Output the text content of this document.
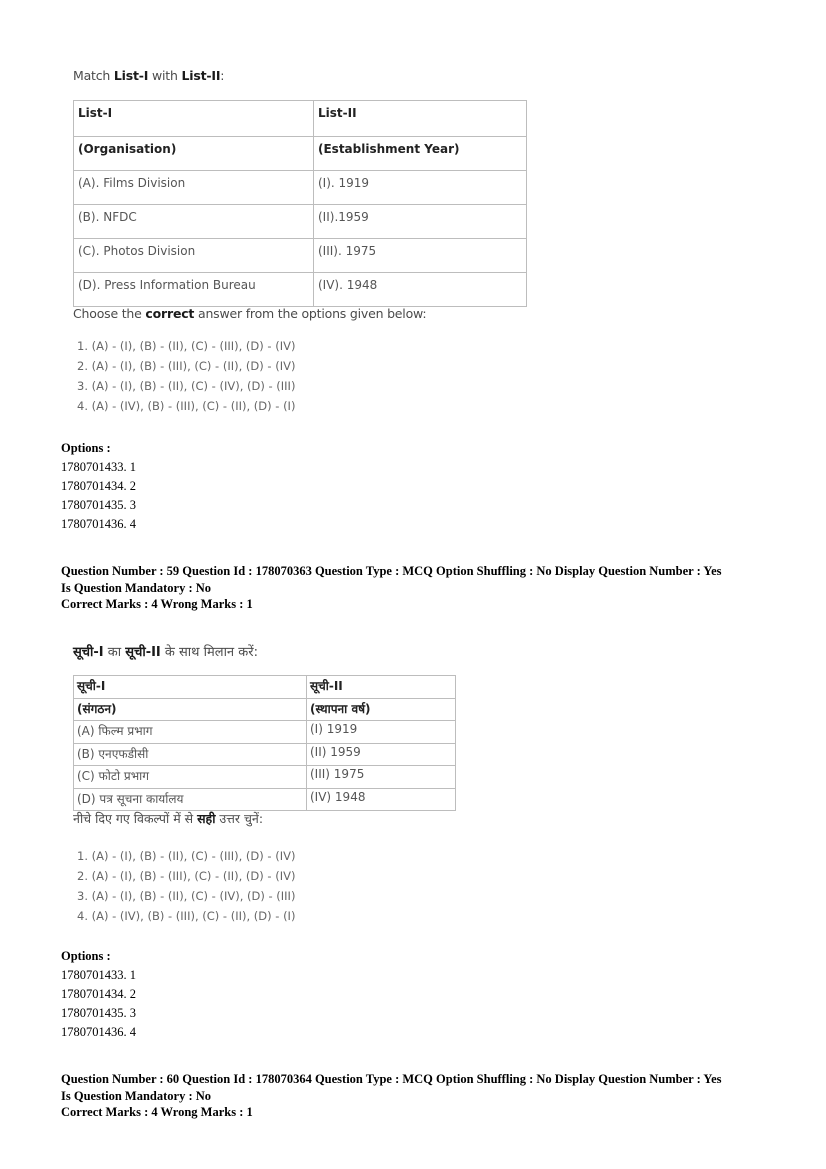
Match List-I with List-II:

List-I	List-II
(Organisation)	(Establishment Year)
(A). Films Division	(I). 1919
(B). NFDC	(II).1959
(C). Photos Division	(III). 1975
(D). Press Information Bureau	(IV). 1948
Choose the correct answer from the options given below:
1. (A) - (I), (B) - (II), (C) - (III), (D) - (IV)
2. (A) - (I), (B) - (III), (C) - (II), (D) - (IV)
3. (A) - (I), (B) - (II), (C) - (IV), (D) - (III)
4. (A) - (IV), (B) - (III), (C) - (II), (D) - (I)
Options :
1780701433. 1
1780701434. 2
1780701435. 3
1780701436. 4
Question Number : 59 Question Id : 178070363 Question Type : MCQ Option Shuffling : No Display Question Number : Yes
Is Question Mandatory : No
Correct Marks : 4 Wrong Marks : 1

सूची-I का सूची-II के साथ मिलान करें:

सूची-I	सूची-II
(संगठन)	(स्थापना वर्ष)
(A) फिल्म प्रभाग	(I) 1919
(B) एनएफडीसी	(II) 1959
(C) फोटो प्रभाग	(III) 1975
(D) पत्र सूचना कार्यालय	(IV) 1948
नीचे दिए गए विकल्पों में से सही उत्तर चुनें:
1. (A) - (I), (B) - (II), (C) - (III), (D) - (IV)
2. (A) - (I), (B) - (III), (C) - (II), (D) - (IV)
3. (A) - (I), (B) - (II), (C) - (IV), (D) - (III)
4. (A) - (IV), (B) - (III), (C) - (II), (D) - (I)
Options :
1780701433. 1
1780701434. 2
1780701435. 3
1780701436. 4
Question Number : 60 Question Id : 178070364 Question Type : MCQ Option Shuffling : No Display Question Number : Yes
Is Question Mandatory : No
Correct Marks : 4 Wrong Marks : 1
